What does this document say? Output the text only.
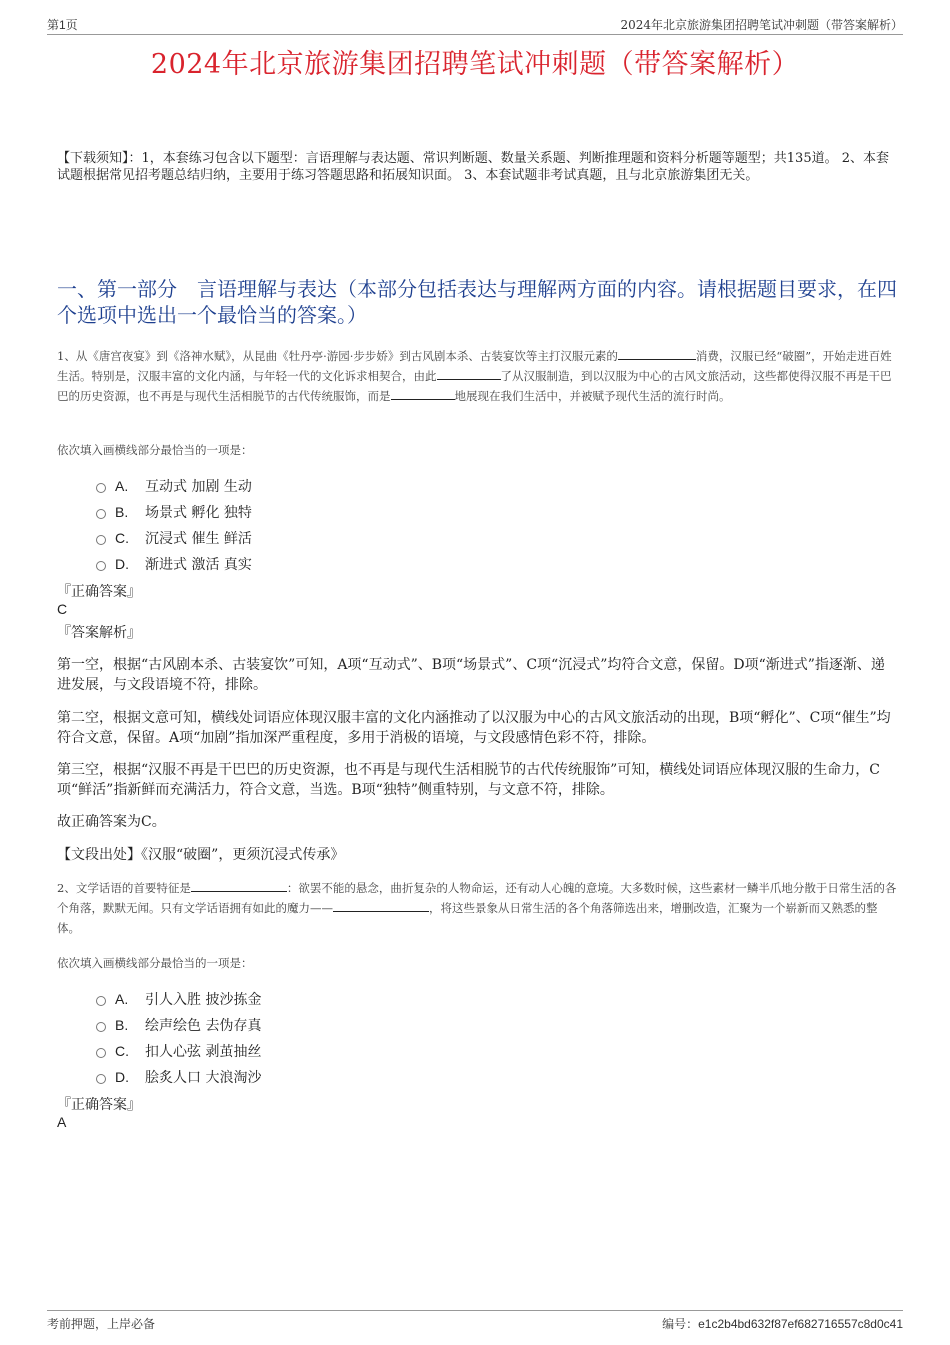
第1页	2024年北京旅游集团招聘笔试冲刺题（带答案解析）
2024年北京旅游集团招聘笔试冲刺题（带答案解析）
【下载须知】：1，本套练习包含以下题型：言语理解与表达题、常识判断题、数量关系题、判断推理题和资料分析题等题型；共135道。 2、本套试题根据常见招考题总结归纳，主要用于练习答题思路和拓展知识面。 3、本套试题非考试真题，且与北京旅游集团无关。
一、第一部分　言语理解与表达（本部分包括表达与理解两方面的内容。请根据题目要求，在四个选项中选出一个最恰当的答案。）
1、从《唐宫夜宴》到《洛神水赋》，从昆曲《牡丹亭·游园·步步娇》到古风剧本杀、古装宴饮等主打汉服元素的	消费，汉服已经“破圈”，开始走进百姓生活。特别是，汉服丰富的文化内涵，与年轻一代的文化诉求相契合，由此	了从汉服制造，到以汉服为中心的古风文旅活动，这些都使得汉服不再是干巴巴的历史资源，也不再是与现代生活相脱节的古代传统服饰，而是	地展现在我们生活中，并被赋予现代生活的流行时尚。
依次填入画横线部分最恰当的一项是：
A.	互动式 加剧 生动
B.	场景式 孵化 独特
C.	沉浸式 催生 鲜活
D.	渐进式 激活 真实
『正确答案』
C
『答案解析』
第一空，根据“古风剧本杀、古装宴饮”可知，A项“互动式”、B项“场景式”、C项“沉浸式”均符合文意，保留。D项“渐进式”指逐渐、递进发展，与文段语境不符，排除。
第二空，根据文意可知，横线处词语应体现汉服丰富的文化内涵推动了以汉服为中心的古风文旅活动的出现，B项“孵化”、C项“催生”均符合文意，保留。A项“加剧”指加深严重程度，多用于消极的语境，与文段感情色彩不符，排除。
第三空，根据“汉服不再是干巴巴的历史资源，也不再是与现代生活相脱节的古代传统服饰”可知，横线处词语应体现汉服的生命力，C项“鲜活”指新鲜而充满活力，符合文意，当选。B项“独特”侧重特别，与文意不符，排除。
故正确答案为C。
【文段出处】《汉服“破圈”，更须沉浸式传承》
2、文学话语的首要特征是	：欲罢不能的悬念，曲折复杂的人物命运，还有动人心魄的意境。大多数时候，这些素材一鳞半爪地分散于日常生活的各个角落，默默无闻。只有文学话语拥有如此的魔力——	，将这些景象从日常生活的各个角落筛选出来，增删改造，汇聚为一个崭新而又熟悉的整体。
依次填入画横线部分最恰当的一项是：
A.	引人入胜 披沙拣金
B.	绘声绘色 去伪存真
C.	扣人心弦 剥茧抽丝
D.	脍炙人口 大浪淘沙
『正确答案』
A
考前押题，上岸必备	编号：e1c2b4bd632f87ef682716557c8d0c41
